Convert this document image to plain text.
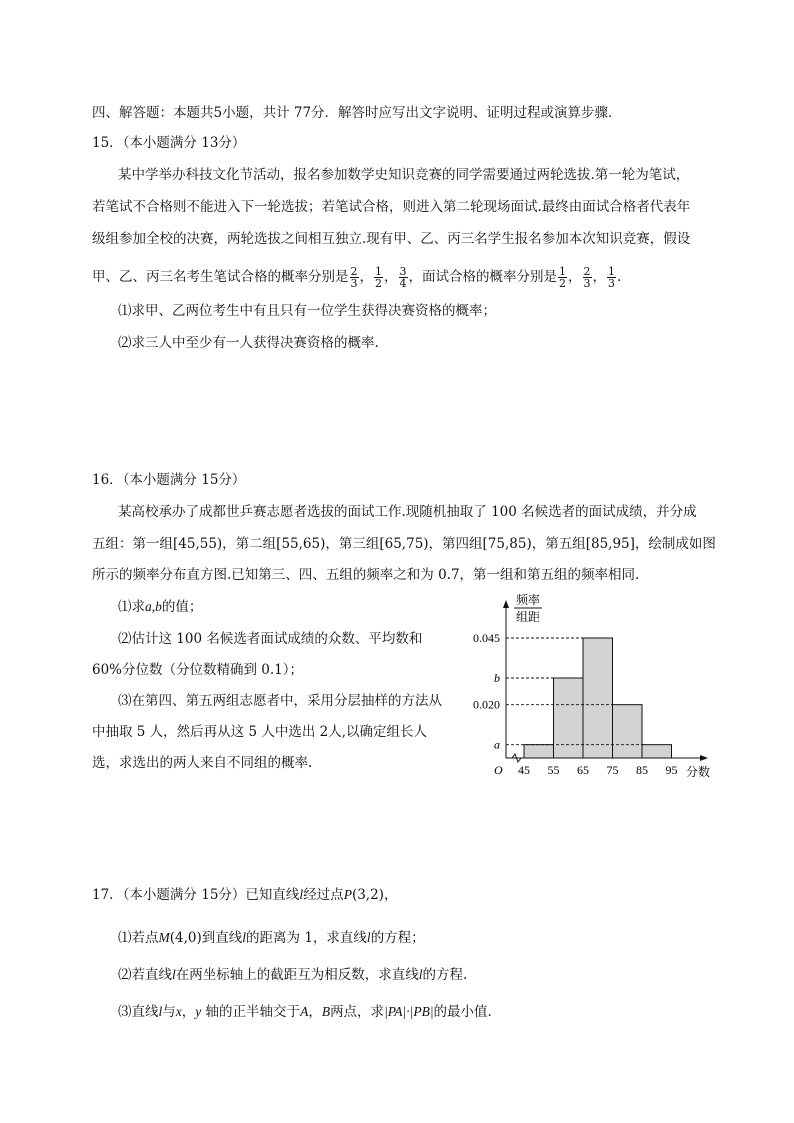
四、解答题：本题共5小题，共计 77分．解答时应写出文字说明、证明过程或演算步骤．
15．（本小题满分 13分）
某中学举办科技文化节活动，报名参加数学史知识竞赛的同学需要通过两轮选拔.第一轮为笔试，
若笔试不合格则不能进入下一轮选拔；若笔试合格，则进入第二轮现场面试.最终由面试合格者代表年
级组参加全校的决赛，两轮选拔之间相互独立.现有甲、乙、丙三名学生报名参加本次知识竞赛，假设
甲、乙、丙三名考生笔试合格的概率分别是 $\frac{2}{3}$ ， $\frac{1}{2}$ ， $\frac{3}{4}$ ，面试合格的概率分别是 $\frac{1}{2}$ ， $\frac{2}{3}$ ， $\frac{1}{3}$ .
⑴求甲、乙两位考生中有且只有一位学生获得决赛资格的概率；
⑵求三人中至少有一人获得决赛资格的概率.
16．（本小题满分 15分）
某高校承办了成都世乒赛志愿者选拔的面试工作.现随机抽取了 100 名候选者的面试成绩，并分成
五组：第一组[45,55)，第二组[55,65)，第三组[65,75)，第四组[75,85)，第五组[85,95]，绘制成如图
所示的频率分布直方图.已知第三、四、五组的频率之和为 0.7，第一组和第五组的频率相同.
⑴求a,b的值；
⑵估计这 100 名候选者面试成绩的众数、平均数和
60%分位数（分位数精确到 0.1）；
⑶在第四、第五两组志愿者中，采用分层抽样的方法从
中抽取 5 人，然后再从这 5 人中选出 2人,以确定组长人
选，求选出的两人来自不同组的概率.
0.045
b
0.020
a
频率
组距
O 45 55 65 75 85 95 分数
17．（本小题满分 15分）已知直线l经过点P(3,2)，
⑴若点M(4,0)到直线l的距离为 1，求直线l的方程；
⑵若直线l在两坐标轴上的截距互为相反数，求直线l的方程.
⑶直线l与x，y 轴的正半轴交于A，B两点，求|PA|·|PB|的最小值.
